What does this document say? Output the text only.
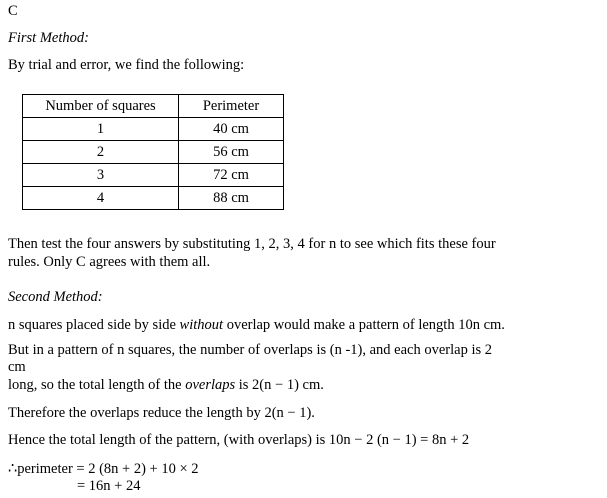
C
First Method:
By trial and error, we find the following:
Number of squares	Perimeter
1	40 cm
2	56 cm
3	72 cm
4	88 cm
Then test the four answers by substituting 1, 2, 3, 4 for n to see which fits these four
rules. Only C agrees with them all.
Second Method:
n squares placed side by side without overlap would make a pattern of length 10n cm.
But in a pattern of n squares, the number of overlaps is (n -1), and each overlap is 2
cm
long, so the total length of the overlaps is 2(n − 1) cm.
Therefore the overlaps reduce the length by 2(n − 1).
Hence the total length of the pattern, (with overlaps) is 10n − 2 (n − 1) = 8n + 2
∴perimeter = 2 (8n + 2) + 10 × 2
= 16n + 24
